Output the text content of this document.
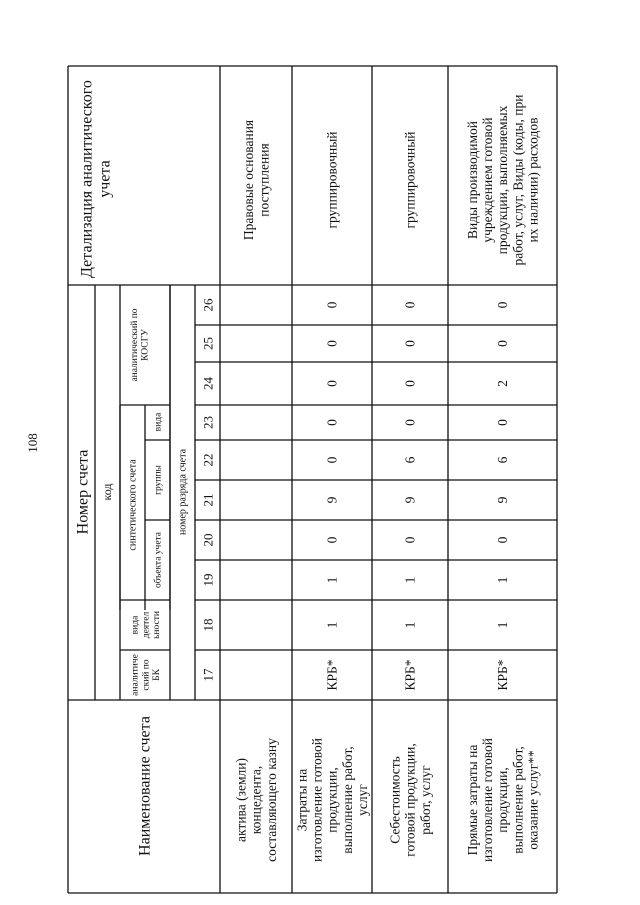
108
Наименование счета
Номер счета код
Детализация аналитическогоучета
аналитический поБК
видадеятельности
синтетического счета
аналитический поКОСГУ
объекта учета
группы
вида
номер разряда счета
17
18
19
20
21
22
23
24
25
26
актива (земли)концедента,составляющего казну
Правовые основанияпоступления
Затраты наизготовление готовойпродукции,выполнение работ,услуг
КРБ*
1
1
0
9
0
0
0
0
0
группировочный
Себестоимостьготовой продукции,работ, услуг
КРБ*
1
1
0
9
6
0
0
0
0
группировочный
Прямые затраты наизготовление готовойпродукции,выполнение работ,оказание услуг**
КРБ*
1
1
0
9
6
0
2
0
0
Виды производимойучреждением готовойпродукции, выполняемыхработ, услуг, Виды (коды, приих наличии) расходов
